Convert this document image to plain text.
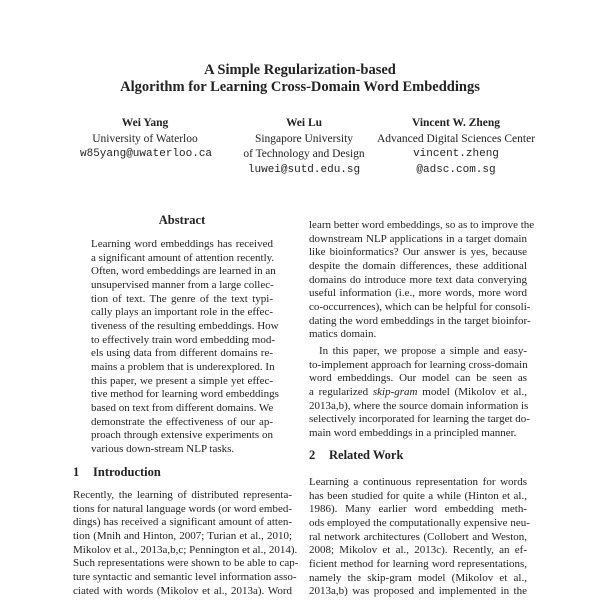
A Simple Regularization-based
Algorithm for Learning Cross-Domain Word Embeddings
Wei Yang
University of Waterloo
w85yang@uwaterloo.ca
Wei Lu
Singapore University
of Technology and Design
luwei@sutd.edu.sg
Vincent W. Zheng
Advanced Digital Sciences Center
vincent.zheng
@adsc.com.sg
Abstract
Learning word embeddings has received
a significant amount of attention recently.
Often, word embeddings are learned in an
unsupervised manner from a large collec-
tion of text. The genre of the text typi-
cally plays an important role in the effec-
tiveness of the resulting embeddings. How
to effectively train word embedding mod-
els using data from different domains re-
mains a problem that is underexplored. In
this paper, we present a simple yet effec-
tive method for learning word embeddings
based on text from different domains. We
demonstrate the effectiveness of our ap-
proach through extensive experiments on
various down-stream NLP tasks.
1 Introduction
Recently, the learning of distributed representa-
tions for natural language words (or word embed-
dings) has received a significant amount of atten-
tion (Mnih and Hinton, 2007; Turian et al., 2010;
Mikolov et al., 2013a,b,c; Pennington et al., 2014).
Such representations were shown to be able to cap-
ture syntactic and semantic level information asso-
ciated with words (Mikolov et al., 2013a). Word
learn better word embeddings, so as to improve the
downstream NLP applications in a target domain
like bioinformatics? Our answer is yes, because
despite the domain differences, these additional
domains do introduce more text data converying
useful information (i.e., more words, more word
co-occurrences), which can be helpful for consoli-
dating the word embeddings in the target bioinfor-
matics domain.
In this paper, we propose a simple and easy-
to-implement approach for learning cross-domain
word embeddings. Our model can be seen as
a regularized skip-gram model (Mikolov et al.,
2013a,b), where the source domain information is
selectively incorporated for learning the target do-
main word embeddings in a principled manner.
2 Related Work
Learning a continuous representation for words
has been studied for quite a while (Hinton et al.,
1986). Many earlier word embedding meth-
ods employed the computationally expensive neu-
ral network architectures (Collobert and Weston,
2008; Mikolov et al., 2013c). Recently, an ef-
ficient method for learning word representations,
namely the skip-gram model (Mikolov et al.,
2013a,b) was proposed and implemented in the
